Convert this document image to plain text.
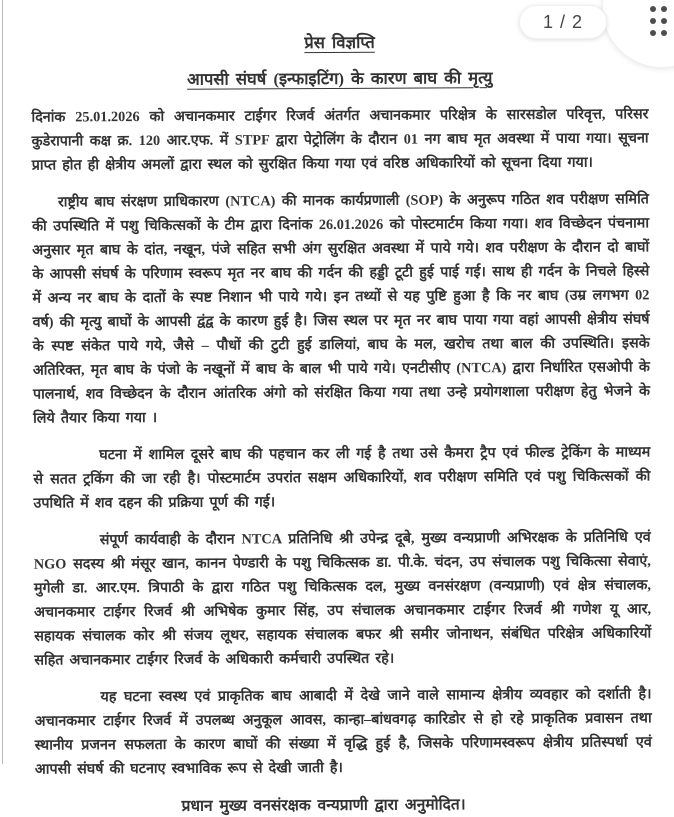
1 / 2
प्रेस विज्ञप्ति
आपसी संघर्ष (इन्फाइटिंग) के कारण बाघ की मृत्यु

दिनांक 25.01.2026 को अचानकमार टाईगर रिजर्व अंतर्गत अचानकमार परिक्षेत्र के सारसडोल परिवृत्त, परिसर कुडेरापानी कक्ष क्र. 120 आर.एफ. में STPF द्वारा पेट्रोलिंग के दौरान 01 नग बाघ मृत अवस्था में पाया गया। सूचना प्राप्त होत ही क्षेत्रीय अमलों द्वारा स्थल को सुरक्षित किया गया एवं वरिष्ठ अधिकारियों को सूचना दिया गया।

राष्ट्रीय बाघ संरक्षण प्राधिकारण (NTCA) की मानक कार्यप्रणाली (SOP) के अनुरूप गठित शव परीक्षण समिति की उपस्थिति में पशु चिकित्सकों के टीम द्वारा दिनांक 26.01.2026 को पोस्टमार्टम किया गया। शव विच्छेदन पंचनामा अनुसार मृत बाघ के दांत, नखून, पंजे सहित सभी अंग सुरक्षित अवस्था में पाये गये। शव परीक्षण के दौरान दो बाघों के आपसी संघर्ष के परिणाम स्वरूप मृत नर बाघ की गर्दन की हड्डी टूटी हुई पाई गई। साथ ही गर्दन के निचले हिस्से में अन्य नर बाघ के दातों के स्पष्ट निशान भी पाये गये। इन तथ्यों से यह पुष्टि हुआ है कि नर बाघ (उम्र लगभग 02 वर्ष) की मृत्यु बाघों के आपसी द्वंद्व के कारण हुई है। जिस स्थल पर मृत नर बाघ पाया गया वहां आपसी क्षेत्रीय संघर्ष के स्पष्ट संकेत पाये गये, जैसे – पौधों की टुटी हुई डालियां, बाघ के मल, खरोच तथा बाल की उपस्थिति। इसके अतिरिक्त, मृत बाघ के पंजो के नखूनों में बाघ के बाल भी पाये गये। एनटीसीए (NTCA) द्वारा निर्धारित एसओपी के पालनार्थ, शव विच्छेदन के दौरान आंतरिक अंगो को संरक्षित किया गया तथा उन्हे प्रयोगशाला परीक्षण हेतु भेजने के लिये तैयार किया गया ।

घटना में शामिल दूसरे बाघ की पहचान कर ली गई है तथा उसे कैमरा ट्रैप एवं फील्ड ट्रेकिंग के माध्यम से सतत ट्रकिंग की जा रही है। पोस्टमार्टम उपरांत सक्षम अधिकारियों, शव परीक्षण समिति एवं पशु चिकित्सकों की उपथिति में शव दहन की प्रक्रिया पूर्ण की गई।

संपूर्ण कार्यवाही के दौरान NTCA प्रतिनिधि श्री उपेन्द्र दूबे, मुख्य वन्यप्राणी अभिरक्षक के प्रतिनिधि एवं NGO सदस्य श्री मंसूर खान, कानन पेण्डारी के पशु चिकित्सक डा. पी.के. चंदन, उप संचालक पशु चिकित्सा सेवाएं, मुगेली डा. आर.एम. त्रिपाठी के द्वारा गठित पशु चिकित्सक दल, मुख्य वनसंरक्षण (वन्यप्राणी) एवं क्षेत्र संचालक, अचानकमार टाईगर रिजर्व श्री अभिषेक कुमार सिंह, उप संचालक अचानकमार टाईगर रिजर्व श्री गणेश यू आर, सहायक संचालक कोर श्री संजय लूथर, सहायक संचालक बफर श्री समीर जोनाथन, संबंधित परिक्षेत्र अधिकारियों सहित अचानकमार टाईगर रिजर्व के अधिकारी कर्मचारी उपस्थित रहे।

यह घटना स्वस्थ एवं प्राकृतिक बाघ आबादी में देखे जाने वाले सामान्य क्षेत्रीय व्यवहार को दर्शाती है। अचानकमार टाईगर रिजर्व में उपलब्ध अनुकूल आवस, कान्हा–बांधवगढ़ कारिडोर से हो रहे प्राकृतिक प्रवासन तथा स्थानीय प्रजनन सफलता के कारण बाघों की संख्या में वृद्धि हुई है, जिसके परिणामस्वरूप क्षेत्रीय प्रतिस्पर्धा एवं आपसी संघर्ष की घटनाए स्वभाविक रूप से देखी जाती है।

प्रधान मुख्य वनसंरक्षक वन्यप्राणी द्वारा अनुमोदित।
